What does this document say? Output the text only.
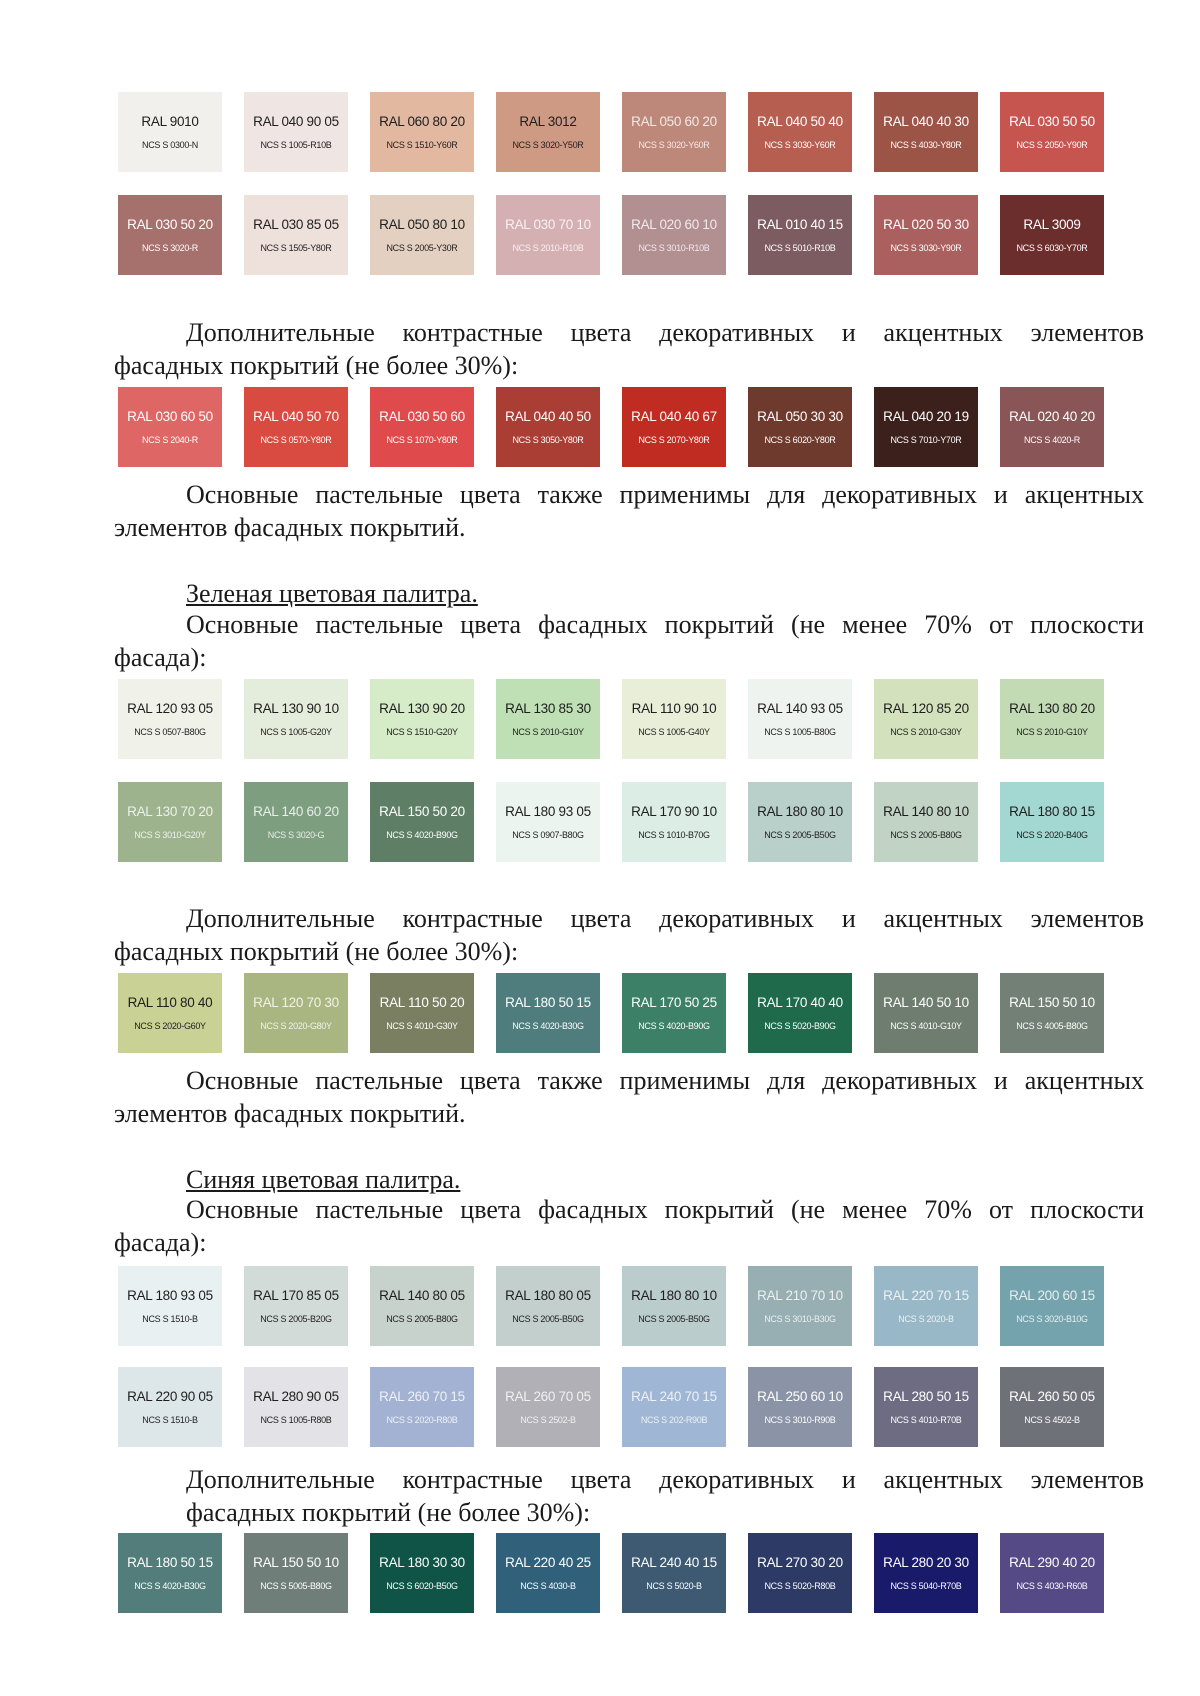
RAL 9010
NCS S 0300-N
RAL 040 90 05
NCS S 1005-R10B
RAL 060 80 20
NCS S 1510-Y60R
RAL 3012
NCS S 3020-Y50R
RAL 050 60 20
NCS S 3020-Y60R
RAL 040 50 40
NCS S 3030-Y60R
RAL 040 40 30
NCS S 4030-Y80R
RAL 030 50 50
NCS S 2050-Y90R
RAL 030 50 20
NCS S 3020-R
RAL 030 85 05
NCS S 1505-Y80R
RAL 050 80 10
NCS S 2005-Y30R
RAL 030 70 10
NCS S 2010-R10B
RAL 020 60 10
NCS S 3010-R10B
RAL 010 40 15
NCS S 5010-R10B
RAL 020 50 30
NCS S 3030-Y90R
RAL 3009
NCS S 6030-Y70R
Дополнительные контрастные цвета декоративных и акцентных элементов
фасадных покрытий (не более 30%):
RAL 030 60 50
NCS S 2040-R
RAL 040 50 70
NCS S 0570-Y80R
RAL 030 50 60
NCS S 1070-Y80R
RAL 040 40 50
NCS S 3050-Y80R
RAL 040 40 67
NCS S 2070-Y80R
RAL 050 30 30
NCS S 6020-Y80R
RAL 040 20 19
NCS S 7010-Y70R
RAL 020 40 20
NCS S 4020-R
Основные пастельные цвета также применимы для декоративных и акцентных
элементов фасадных покрытий.
Зеленая цветовая палитра.
Основные пастельные цвета фасадных покрытий (не менее 70% от плоскости
фасада):
RAL 120 93 05
NCS S 0507-B80G
RAL 130 90 10
NCS S 1005-G20Y
RAL 130 90 20
NCS S 1510-G20Y
RAL 130 85 30
NCS S 2010-G10Y
RAL 110 90 10
NCS S 1005-G40Y
RAL 140 93 05
NCS S 1005-B80G
RAL 120 85 20
NCS S 2010-G30Y
RAL 130 80 20
NCS S 2010-G10Y
RAL 130 70 20
NCS S 3010-G20Y
RAL 140 60 20
NCS S 3020-G
RAL 150 50 20
NCS S 4020-B90G
RAL 180 93 05
NCS S 0907-B80G
RAL 170 90 10
NCS S 1010-B70G
RAL 180 80 10
NCS S 2005-B50G
RAL 140 80 10
NCS S 2005-B80G
RAL 180 80 15
NCS S 2020-B40G
Дополнительные контрастные цвета декоративных и акцентных элементов
фасадных покрытий (не более 30%):
RAL 110 80 40
NCS S 2020-G60Y
RAL 120 70 30
NCS S 2020-G80Y
RAL 110 50 20
NCS S 4010-G30Y
RAL 180 50 15
NCS S 4020-B30G
RAL 170 50 25
NCS S 4020-B90G
RAL 170 40 40
NCS S 5020-B90G
RAL 140 50 10
NCS S 4010-G10Y
RAL 150 50 10
NCS S 4005-B80G
Основные пастельные цвета также применимы для декоративных и акцентных
элементов фасадных покрытий.
Синяя цветовая палитра.
Основные пастельные цвета фасадных покрытий (не менее 70% от плоскости
фасада):
RAL 180 93 05
NCS S 1510-B
RAL 170 85 05
NCS S 2005-B20G
RAL 140 80 05
NCS S 2005-B80G
RAL 180 80 05
NCS S 2005-B50G
RAL 180 80 10
NCS S 2005-B50G
RAL 210 70 10
NCS S 3010-B30G
RAL 220 70 15
NCS S 2020-B
RAL 200 60 15
NCS S 3020-B10G
RAL 220 90 05
NCS S 1510-B
RAL 280 90 05
NCS S 1005-R80B
RAL 260 70 15
NCS S 2020-R80B
RAL 260 70 05
NCS S 2502-B
RAL 240 70 15
NCS S 202-R90B
RAL 250 60 10
NCS S 3010-R90B
RAL 280 50 15
NCS S 4010-R70B
RAL 260 50 05
NCS S 4502-B
Дополнительные контрастные цвета декоративных и акцентных элементов
фасадных покрытий (не более 30%):
RAL 180 50 15
NCS S 4020-B30G
RAL 150 50 10
NCS S 5005-B80G
RAL 180 30 30
NCS S 6020-B50G
RAL 220 40 25
NCS S 4030-B
RAL 240 40 15
NCS S 5020-B
RAL 270 30 20
NCS S 5020-R80B
RAL 280 20 30
NCS S 5040-R70B
RAL 290 40 20
NCS S 4030-R60B
